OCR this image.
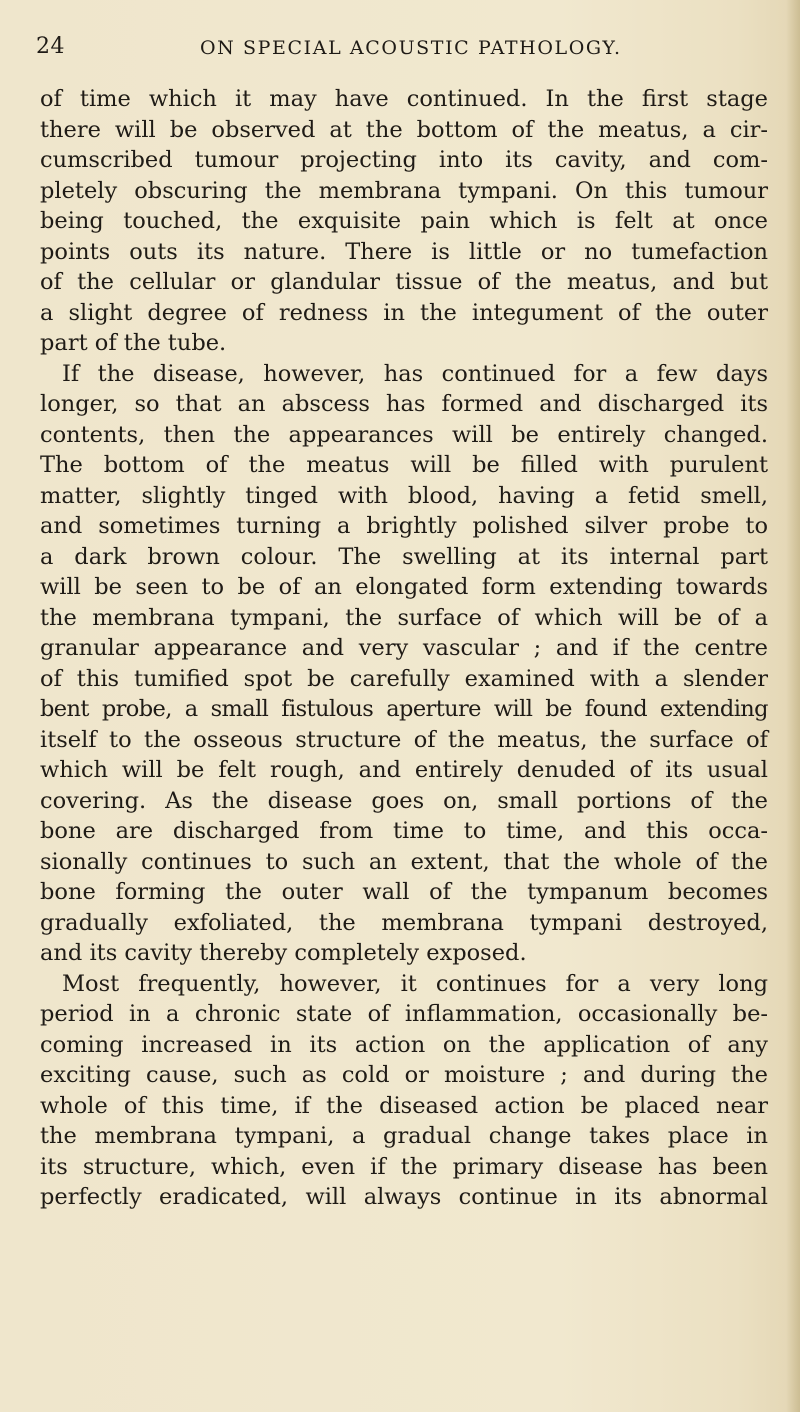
24	ON SPECIAL ACOUSTIC PATHOLOGY.
of time which it may have continued. In the first stage
there will be observed at the bottom of the meatus, a cir-
cumscribed tumour projecting into its cavity, and com-
pletely obscuring the membrana tympani. On this tumour
being touched, the exquisite pain which is felt at once
points outs its nature. There is little or no tumefaction
of the cellular or glandular tissue of the meatus, and but
a slight degree of redness in the integument of the outer
part of the tube.
If the disease, however, has continued for a few days
longer, so that an abscess has formed and discharged its
contents, then the appearances will be entirely changed.
The bottom of the meatus will be filled with purulent
matter, slightly tinged with blood, having a fetid smell,
and sometimes turning a brightly polished silver probe to
a dark brown colour. The swelling at its internal part
will be seen to be of an elongated form extending towards
the membrana tympani, the surface of which will be of a
granular appearance and very vascular ; and if the centre
of this tumified spot be carefully examined with a slender
bent probe, a small fistulous aperture will be found extending
itself to the osseous structure of the meatus, the surface of
which will be felt rough, and entirely denuded of its usual
covering. As the disease goes on, small portions of the
bone are discharged from time to time, and this occa-
sionally continues to such an extent, that the whole of the
bone forming the outer wall of the tympanum becomes
gradually exfoliated, the membrana tympani destroyed,
and its cavity thereby completely exposed.
Most frequently, however, it continues for a very long
period in a chronic state of inflammation, occasionally be-
coming increased in its action on the application of any
exciting cause, such as cold or moisture ; and during the
whole of this time, if the diseased action be placed near
the membrana tympani, a gradual change takes place in
its structure, which, even if the primary disease has been
perfectly eradicated, will always continue in its abnormal
